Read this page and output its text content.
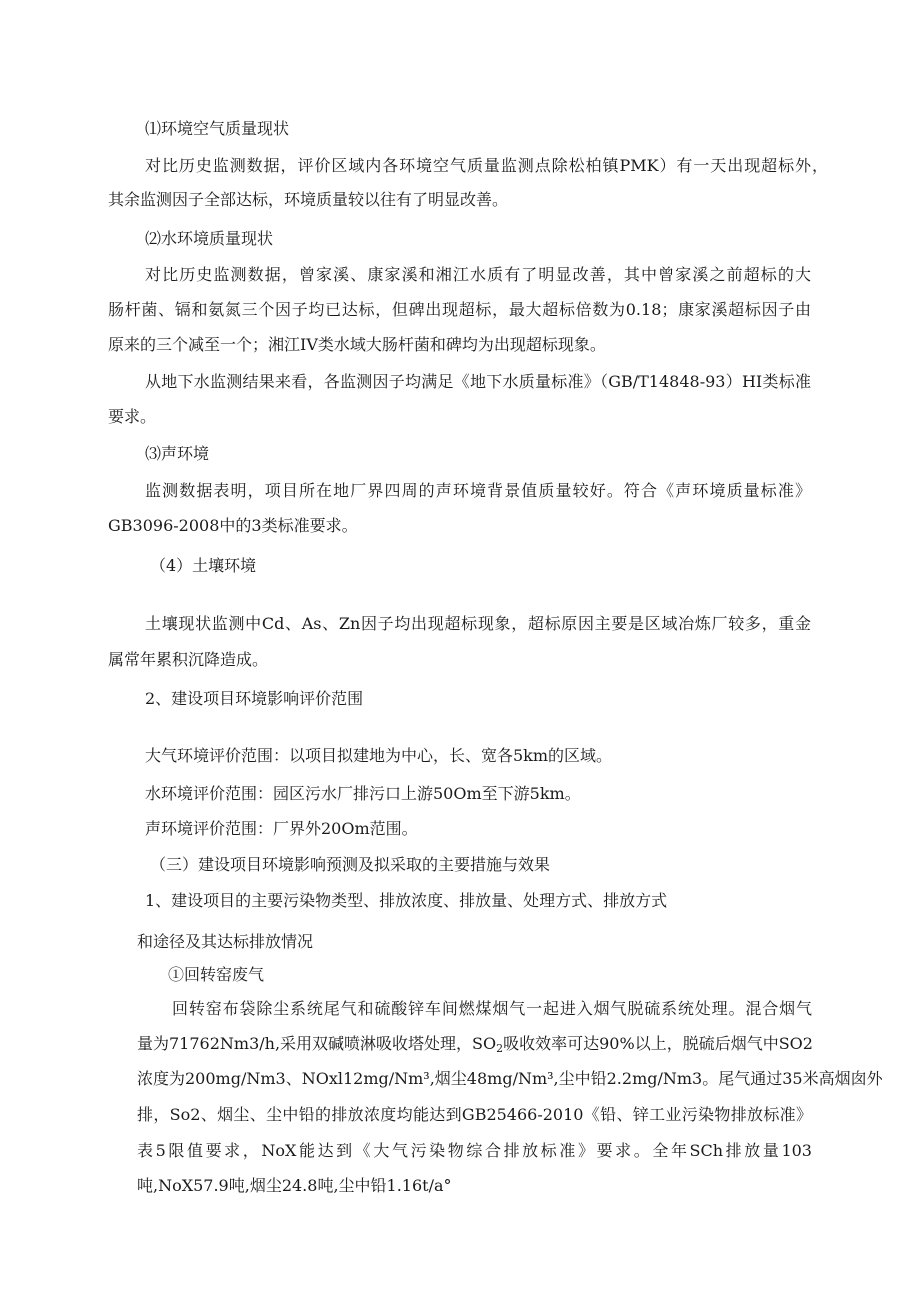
⑴环境空气质量现状
对比历史监测数据，评价区域内各环境空气质量监测点除松柏镇PMK）有一天出现超标外，
其余监测因子全部达标，环境质量较以往有了明显改善。
⑵水环境质量现状
对比历史监测数据，曾家溪、康家溪和湘江水质有了明显改善，其中曾家溪之前超标的大
肠杆菌、镉和氨氮三个因子均已达标，但碑出现超标，最大超标倍数为0.18；康家溪超标因子由
原来的三个减至一个；湘江IV类水域大肠杆菌和碑均为出现超标现象。
从地下水监测结果来看，各监测因子均满足《地下水质量标准》（GB/T14848-93）HI类标准
要求。
⑶声环境
监测数据表明，项目所在地厂界四周的声环境背景值质量较好。符合《声环境质量标准》
GB3096-2008中的3类标准要求。
（4）土壤环境
土壤现状监测中Cd、As、Zn因子均出现超标现象，超标原因主要是区域冶炼厂较多，重金
属常年累积沉降造成。
2、建设项目环境影响评价范围
大气环境评价范围：以项目拟建地为中心，长、宽各5km的区域。
水环境评价范围：园区污水厂排污口上游50Om至下游5km。
声环境评价范围：厂界外20Om范围。
（三）建设项目环境影响预测及拟采取的主要措施与效果
1、建设项目的主要污染物类型、排放浓度、排放量、处理方式、排放方式
和途径及其达标排放情况
①回转窑废气
回转窑布袋除尘系统尾气和硫酸锌车间燃煤烟气一起进入烟气脱硫系统处理。混合烟气
量为71762Nm3/h,采用双碱喷淋吸收塔处理，$SO_2$吸收效率可达90%以上，脱硫后烟气中SO2
浓度为200mg/Nm3、NOxl12mg/Nm³,烟尘48mg/Nm³,尘中铅2.2mg/Nm3。尾气通过35米高烟囱外
排，So2、烟尘、尘中铅的排放浓度均能达到GB25466-2010《铅、锌工业污染物排放标准》
表5限值要求，NoX能达到《大气污染物综合排放标准》要求。全年SCh排放量103
吨,NoX57.9吨,烟尘24.8吨,尘中铅1.16t∕a°
